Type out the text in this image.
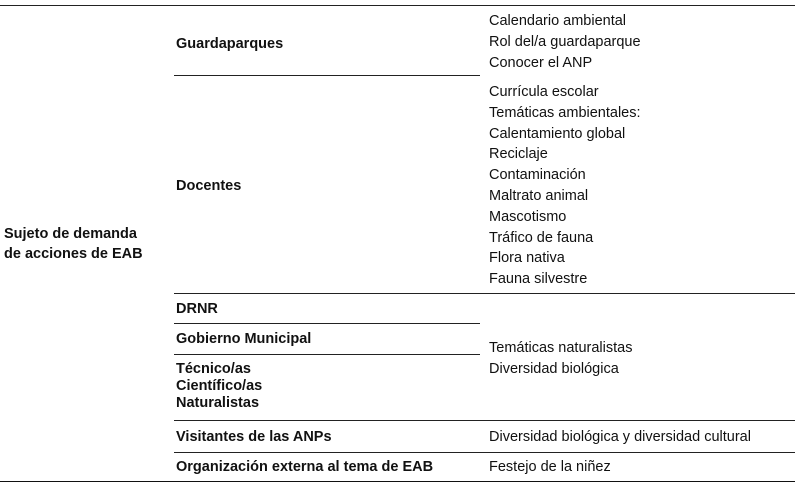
Sujeto de demanda
de acciones de EAB
Guardaparques
Calendario ambiental
Rol del/a guardaparque
Conocer el ANP
Docentes
Currícula escolar
Temáticas ambientales:
Calentamiento global
Reciclaje
Contaminación
Maltrato animal
Mascotismo
Tráfico de fauna
Flora nativa
Fauna silvestre
DRNR
Gobierno Municipal
Técnico/as
Científico/as
Naturalistas
Temáticas naturalistas
Diversidad biológica
Visitantes de las ANPs	Diversidad biológica y diversidad cultural
Organización externa al tema de EAB	Festejo de la niñez
